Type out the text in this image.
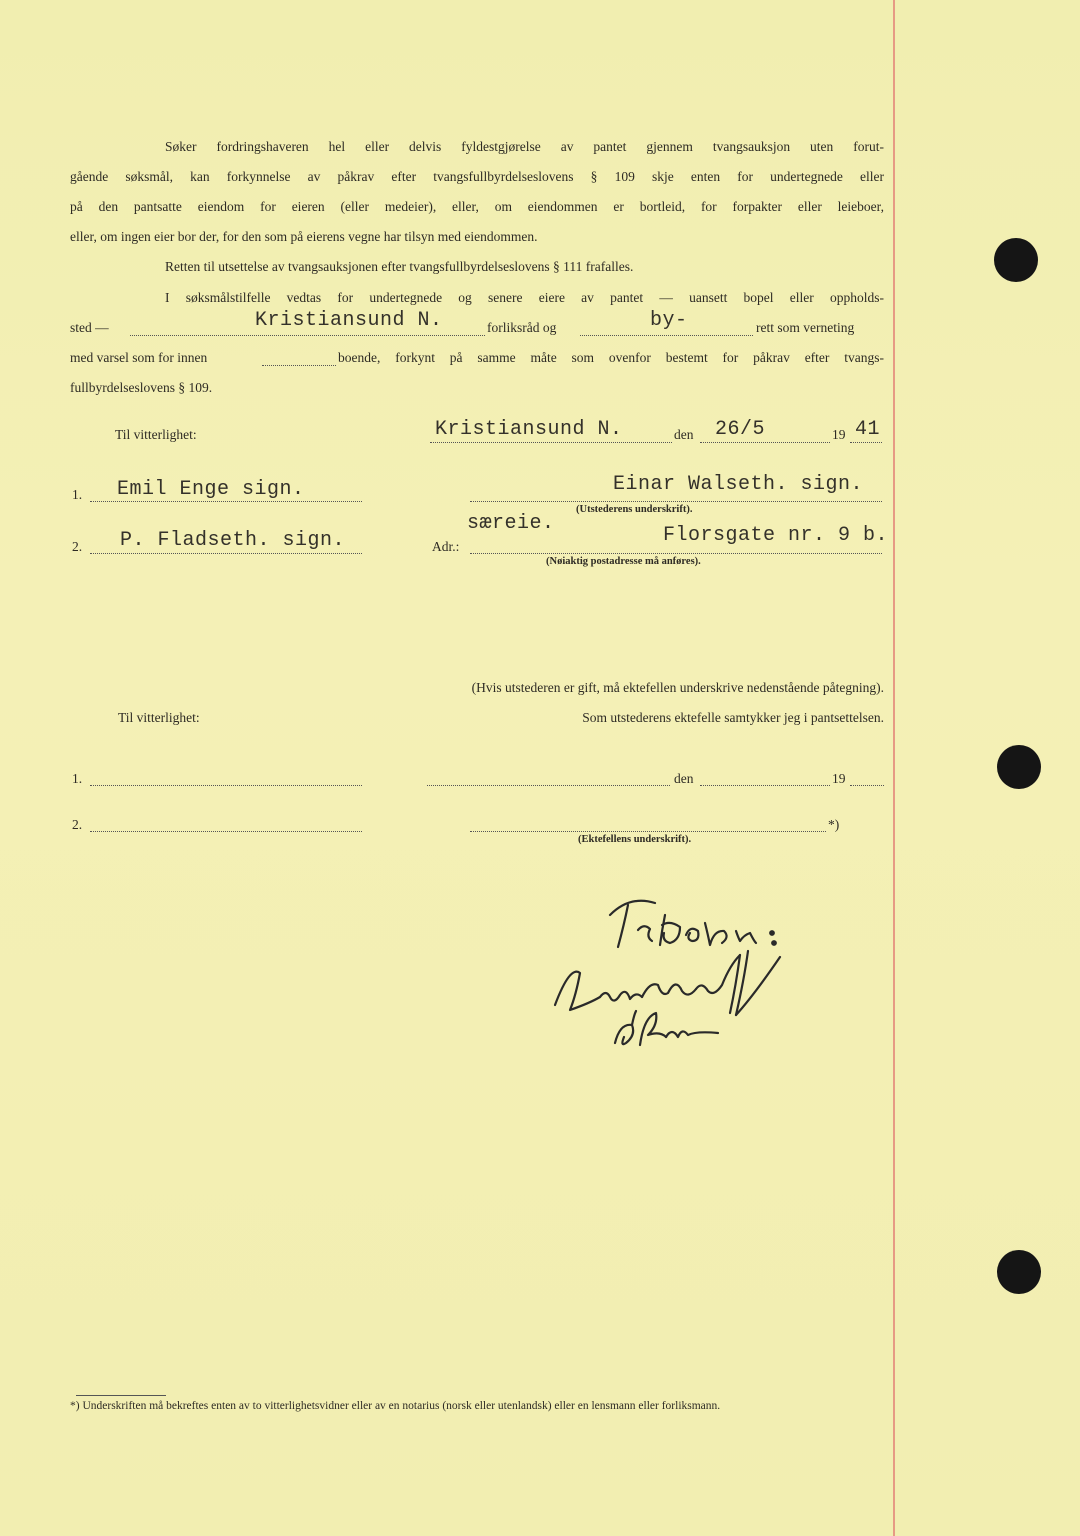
Søker fordringshaveren hel eller delvis fyldestgjørelse av pantet gjennem tvangsauksjon uten forut-
gående søksmål, kan forkynnelse av påkrav efter tvangsfullbyrdelseslovens § 109 skje enten for undertegnede eller
på den pantsatte eiendom for eieren (eller medeier), eller, om eiendommen er bortleid, for forpakter eller leieboer,
eller, om ingen eier bor der, for den som på eierens vegne har tilsyn med eiendommen.
Retten til utsettelse av tvangsauksjonen efter tvangsfullbyrdelseslovens § 111 frafalles.
I søksmålstilfelle vedtas for undertegnede og senere eiere av pantet — uansett bopel eller oppholds-
sted —	Kristiansund N.	forliksråd og	by-	rett som verneting
med varsel som for innen	boende, forkynt på samme måte som ovenfor bestemt for påkrav efter tvangs-
fullbyrdelseslovens § 109.
Til vitterlighet:	Kristiansund N.	den 26/5	19 41
1. Emil Enge sign.	Einar Walseth. sign.
(Utstederens underskrift).
2. P. Fladseth. sign.	Adr.:
særeie.
Florsgate nr. 9 b.
(Nøiaktig postadresse må anføres).
(Hvis utstederen er gift, må ektefellen underskrive nedenstående påtegning).
Til vitterlighet:	Som utstederens ektefelle samtykker jeg i pantsettelsen.
1.	den	19
2.	*)
(Ektefellens underskrift).
*) Underskriften må bekreftes enten av to vitterlighetsvidner eller av en notarius (norsk eller utenlandsk) eller en lensmann eller forliksmann.
